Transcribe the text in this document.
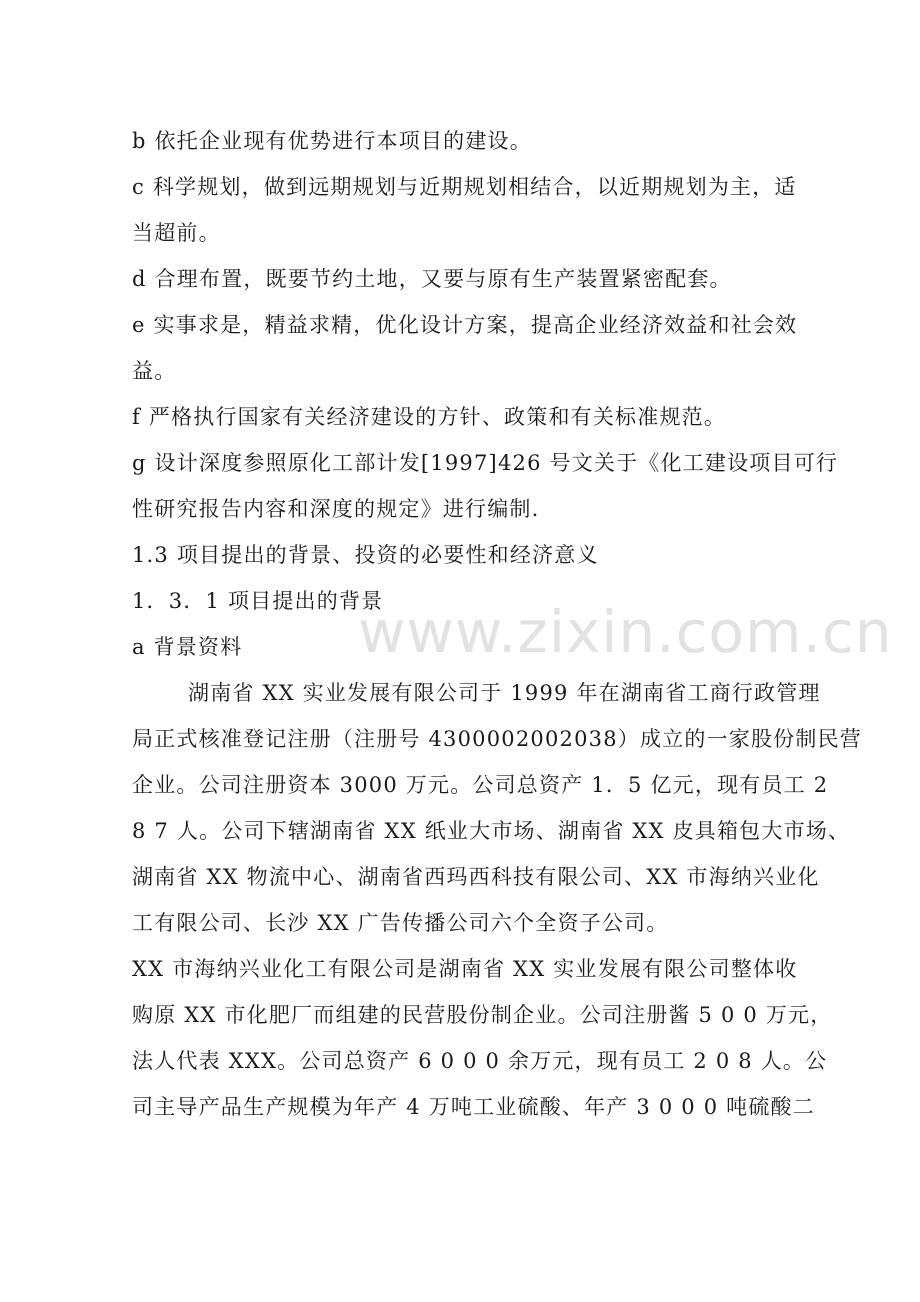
b 依托企业现有优势进行本项目的建设。
c 科学规划，做到远期规划与近期规划相结合，以近期规划为主，适
当超前。
d 合理布置，既要节约土地，又要与原有生产装置紧密配套。
e 实事求是，精益求精，优化设计方案，提高企业经济效益和社会效
益。
f 严格执行国家有关经济建设的方针、政策和有关标准规范。
g 设计深度参照原化工部计发[1997]426 号文关于《化工建设项目可行
性研究报告内容和深度的规定》进行编制.
1.3 项目提出的背景、投资的必要性和经济意义
1．3．1 项目提出的背景
a 背景资料
湖南省 XX 实业发展有限公司于 1999 年在湖南省工商行政管理
局正式核准登记注册（注册号 4300002002038）成立的一家股份制民营
企业。公司注册资本 3000 万元。公司总资产 1．5 亿元，现有员工 2
8 7 人。公司下辖湖南省 XX 纸业大市场、湖南省 XX 皮具箱包大市场、
湖南省 XX 物流中心、湖南省西玛西科技有限公司、XX 市海纳兴业化
工有限公司、长沙 XX 广告传播公司六个全资子公司。
XX 市海纳兴业化工有限公司是湖南省 XX 实业发展有限公司整体收
购原 XX 市化肥厂而组建的民营股份制企业。公司注册酱 5 0 0 万元，
法人代表 XXX。公司总资产 6 0 0 0 余万元，现有员工 2 0 8 人。公
司主导产品生产规模为年产 4 万吨工业硫酸、年产 3 0 0 0 吨硫酸二
www.zixin.com.cn
